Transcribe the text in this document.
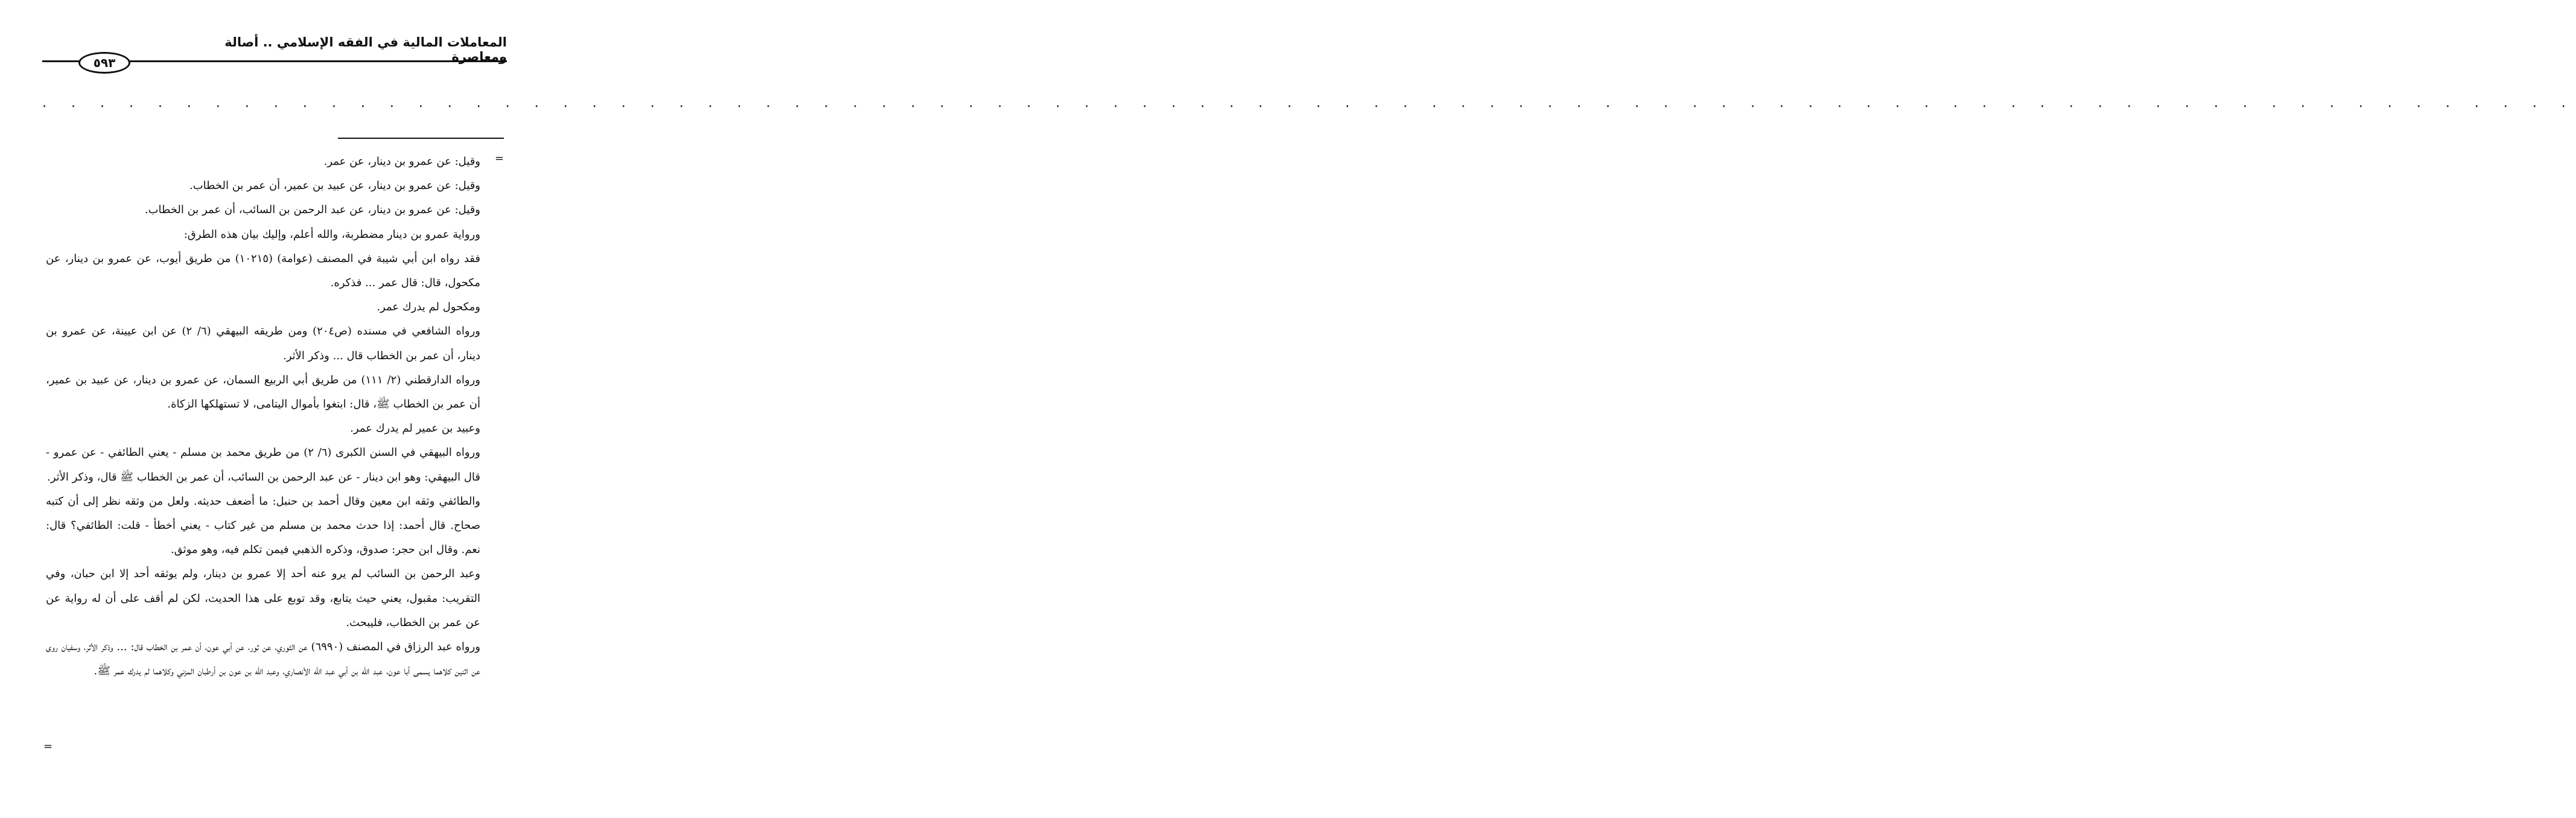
المعاملات المالية في الفقه الإسلامي .. أصالة ومعاصرة
٥٩٣
. . . . . . . . . . . . . . . . . . . . . . . . . . . . . . . . . . . . . . . . . . . . . . . . . . . . . . . . . . . . . . . . . . . . . . . . . . . . . . . . . . . . . . . .
=

وقيل: عن عمرو بن دينار، عن عمر.

وقيل: عن عمرو بن دينار، عن عبيد بن عمير، أن عمر بن الخطاب.

وقيل: عن عمرو بن دينار، عن عبد الرحمن بن السائب، أن عمر بن الخطاب.

ورواية عمرو بن دينار مضطربة، والله أعلم، وإليك بيان هذه الطرق:

فقد رواه ابن أبي شيبة في المصنف (عوامة) (١٠٢١٥) من طريق أيوب، عن عمرو بن دينار، عن مكحول، قال: قال عمر ... فذكره.

ومكحول لم يدرك عمر.

ورواه الشافعي في مسنده (ص٢٠٤) ومن طريقه البيهقي (٦/ ٢) عن ابن عيينة، عن عمرو بن دينار، أن عمر بن الخطاب قال ... وذكر الأثر.

ورواه الدارقطني (٢/ ١١١) من طريق أبي الربيع السمان، عن عمرو بن دينار، عن عبيد بن عمير، أن عمر بن الخطاب ﷺ، قال: ابتغوا بأموال اليتامى، لا تستهلكها الزكاة.

وعبيد بن عمير لم يدرك عمر.

ورواه البيهقي في السنن الكبرى (٦/ ٢) من طريق محمد بن مسلم - يعني الطائفي - عن عمرو - قال البيهقي: وهو ابن دينار - عن عبد الرحمن بن السائب، أن عمر بن الخطاب ﷺ قال، وذكر الأثر.

والطائفي وثقه ابن معين وقال أحمد بن حنبل: ما أضعف حديثه. ولعل من وثقه نظر إلى أن كتبه صحاح. قال أحمد: إذا حدث محمد بن مسلم من غير كتاب - يعني أخطأ - قلت: الطائفي؟ قال: نعم. وقال ابن حجر: صدوق، وذكره الذهبي فيمن تكلم فيه، وهو موثق.

وعبد الرحمن بن السائب لم يرو عنه أحد إلا عمرو بن دينار، ولم يوثقه أحد إلا ابن حبان، وفي التقريب: مقبول، يعني حيث يتابع، وقد توبع على هذا الحديث، لكن لم أقف على أن له رواية عن عن عمر بن الخطاب، فليبحث.

ورواه عبد الرزاق في المصنف (٦٩٩٠) عن الثوري، عن ثور، عن أبي عون، أن عمر بن الخطاب قال: ... وذكر الأثر، وسفيان روى عن اثنين كلاهما يسمى أبا عون، عبد الله بن أبي عبد الله الأنصاري، وعبد الله بن عون بن أرطبان المزني وكلاهما لم يدرك عمر ﷺ.

=
